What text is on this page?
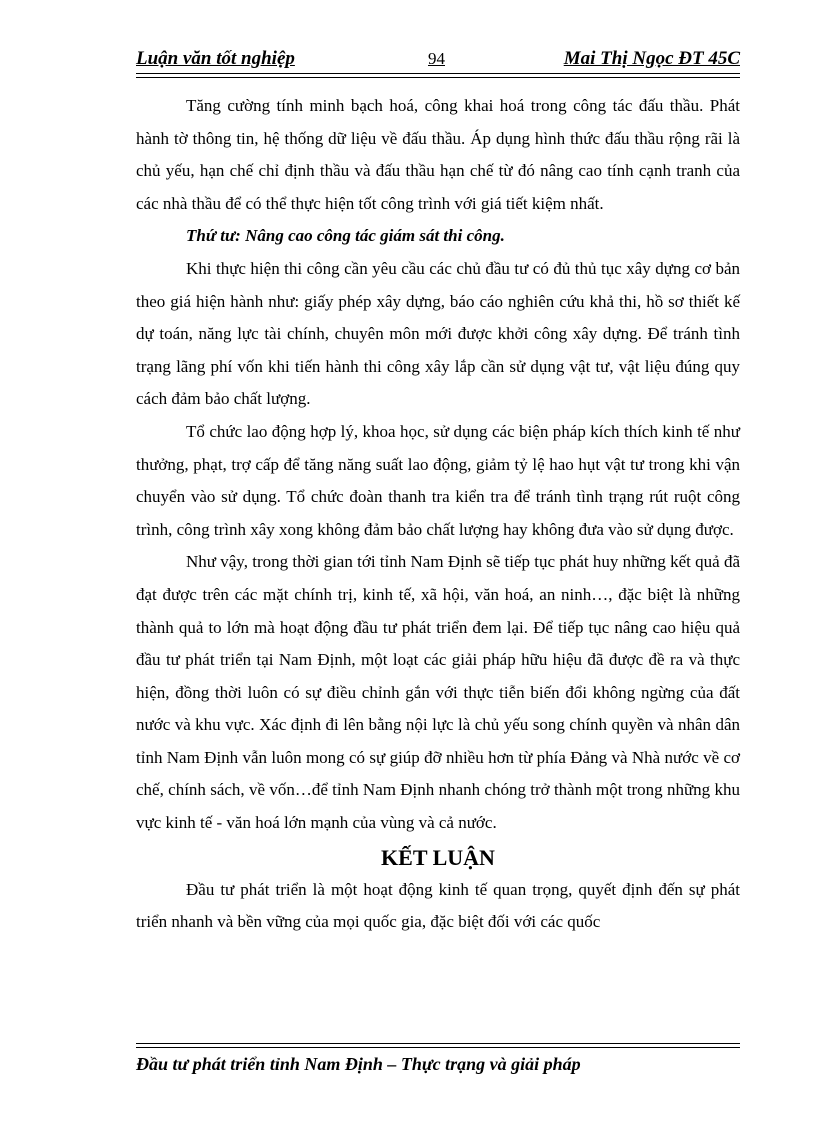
Luận văn tốt nghiệp	94	Mai Thị Ngọc ĐT 45C

Tăng cường tính minh bạch hoá, công khai hoá trong công tác đấu thầu. Phát hành tờ thông tin, hệ thống dữ liệu về đấu thầu. Áp dụng hình thức đấu thầu rộng rãi là chủ yếu, hạn chế chỉ định thầu và đấu thầu hạn chế từ đó nâng cao tính cạnh tranh của các nhà thầu để có thể thực hiện tốt công trình với giá tiết kiệm nhất.

Thứ tư: Nâng cao công tác giám sát thi công.

Khi thực hiện thi công cần yêu cầu các chủ đầu tư có đủ thủ tục xây dựng cơ bản theo giá hiện hành như: giấy phép xây dựng, báo cáo nghiên cứu khả thi, hồ sơ thiết kế dự toán, năng lực tài chính, chuyên môn mới được khởi công xây dựng. Để tránh tình trạng lãng phí vốn khi tiến hành thi công xây lắp cần sử dụng vật tư, vật liệu đúng quy cách đảm bảo chất lượng.

Tổ chức lao động hợp lý, khoa học, sử dụng các biện pháp kích thích kinh tế như thưởng, phạt, trợ cấp để tăng năng suất lao động, giảm tỷ lệ hao hụt vật tư trong khi vận chuyển vào sử dụng. Tổ chức đoàn thanh tra kiển tra để tránh tình trạng rút ruột công trình, công trình xây xong không đảm bảo chất lượng hay không đưa vào sử dụng được.

Như vậy, trong thời gian tới tỉnh Nam Định sẽ tiếp tục phát huy những kết quả đã đạt được trên các mặt chính trị, kinh tế, xã hội, văn hoá, an ninh…, đặc biệt là những thành quả to lớn mà hoạt động đầu tư phát triển đem lại. Để tiếp tục nâng cao hiệu quả đầu tư phát triển tại Nam Định, một loạt các giải pháp hữu hiệu đã được đề ra và thực hiện, đồng thời luôn có sự điều chỉnh gắn với thực tiễn biến đổi không ngừng của đất nước và khu vực. Xác định đi lên bằng nội lực là chủ yếu song chính quyền và nhân dân tỉnh Nam Định vẫn luôn mong có sự giúp đỡ nhiều hơn từ phía Đảng và Nhà nước về cơ chế, chính sách, về vốn…để tỉnh Nam Định nhanh chóng trở thành một trong những khu vực kinh tế - văn hoá lớn mạnh của vùng và cả nước.

KẾT LUẬN

Đầu tư phát triển là một hoạt động kinh tế quan trọng, quyết định đến sự phát triển nhanh và bền vững của mọi quốc gia, đặc biệt đối với các quốc

Đầu tư phát triển tỉnh Nam Định – Thực trạng và giải pháp
